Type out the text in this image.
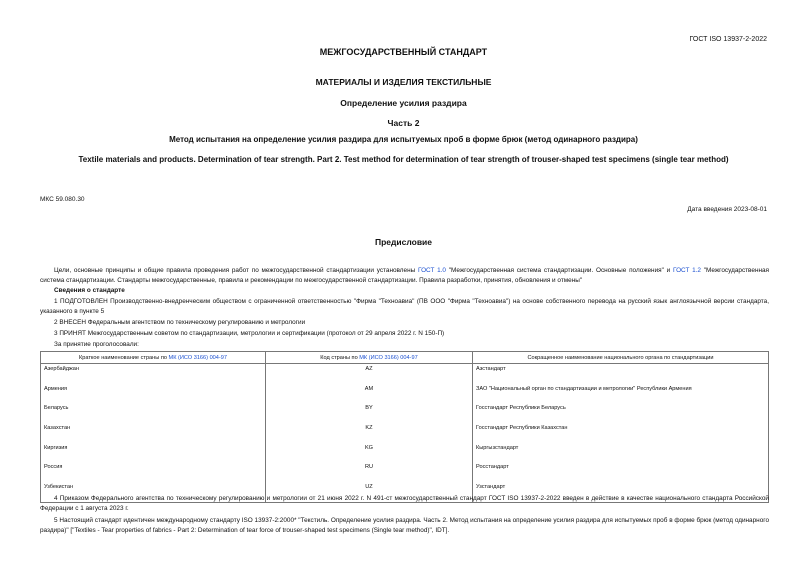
ГОСТ ISO 13937-2-2022
МЕЖГОСУДАРСТВЕННЫЙ СТАНДАРТ
МАТЕРИАЛЫ И ИЗДЕЛИЯ ТЕКСТИЛЬНЫЕ
Определение усилия раздира
Часть 2
Метод испытания на определение усилия раздира для испытуемых проб в форме брюк (метод одинарного раздира)
Textile materials and products. Determination of tear strength. Part 2. Test method for determination of tear strength of trouser-shaped test specimens (single tear method)
МКС 59.080.30
Дата введения 2023-08-01
Предисловие
Цели, основные принципы и общие правила проведения работ по межгосударственной стандартизации установлены ГОСТ 1.0 "Межгосударственная система стандартизации. Основные положения" и ГОСТ 1.2 "Межгосударственная система стандартизации. Стандарты межгосударственные, правила и рекомендации по межгосударственной стандартизации. Правила разработки, принятия, обновления и отмены"
Сведения о стандарте
1 ПОДГОТОВЛЕН Производственно-внедренческим обществом с ограниченной ответственностью "Фирма "Техноавиа" (ПВ ООО "Фирма "Техноавиа") на основе собственного перевода на русский язык англоязычной версии стандарта, указанного в пункте 5
2 ВНЕСЕН Федеральным агентством по техническому регулированию и метрологии
3 ПРИНЯТ Межгосударственным советом по стандартизации, метрологии и сертификации (протокол от 29 апреля 2022 г. N 150-П)
За принятие проголосовали:
Краткое наименование страны по МК (ИСО 3166) 004-97	Код страны по МК (ИСО 3166) 004-97	Сокращенное наименование национального органа по стандартизации
Азербайджан	AZ	Азстандарт
Армения	AM	ЗАО "Национальный орган по стандартизации и метрологии" Республики Армения
Беларусь	BY	Госстандарт Республики Беларусь
Казахстан	KZ	Госстандарт Республики Казахстан
Киргизия	KG	Кыргызстандарт
Россия	RU	Росстандарт
Узбекистан	UZ	Узстандарт
4 Приказом Федерального агентства по техническому регулированию и метрологии от 21 июня 2022 г. N 491-ст межгосударственный стандарт ГОСТ ISO 13937-2-2022 введен в действие в качестве национального стандарта Российской Федерации с 1 августа 2023 г.
5 Настоящий стандарт идентичен международному стандарту ISO 13937-2:2000* "Текстиль. Определение усилия раздира. Часть 2. Метод испытания на определение усилия раздира для испытуемых проб в форме брюк (метод одинарного раздира)" ["Textiles - Tear properties of fabrics - Part 2: Determination of tear force of trouser-shaped test specimens (Single tear method)", IDT].
